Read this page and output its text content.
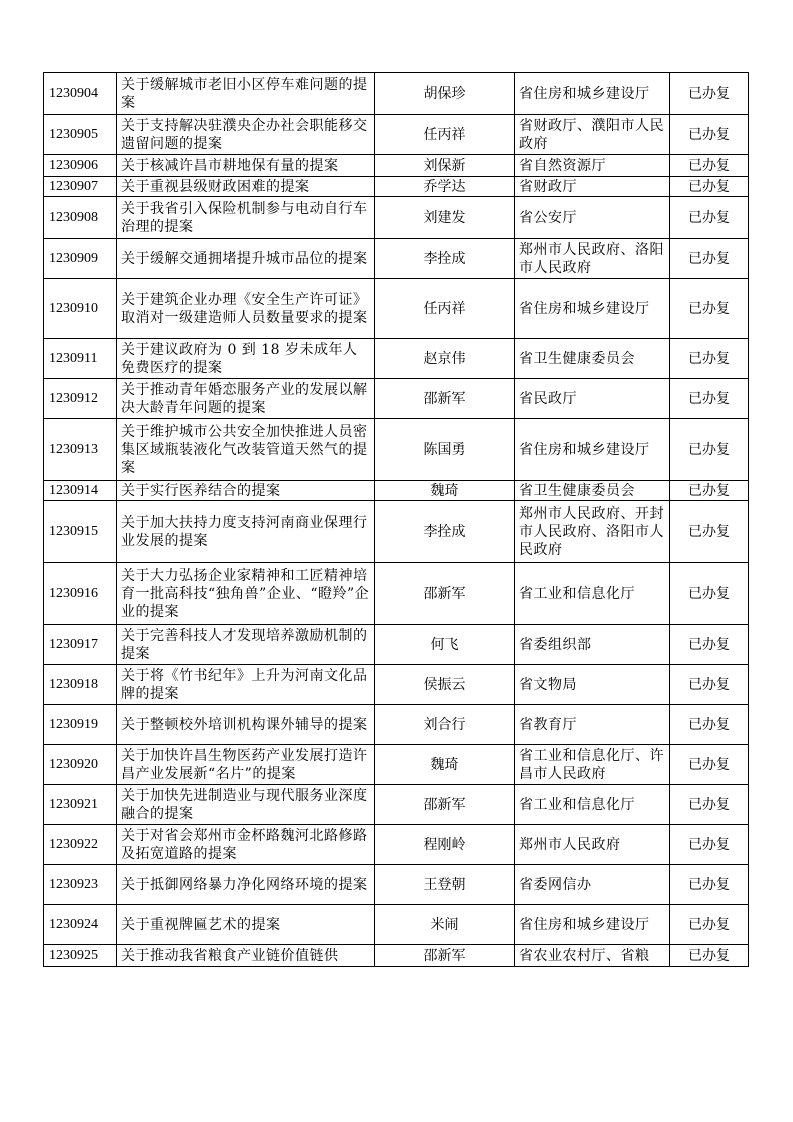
1230904	关于缓解城市老旧小区停车难问题的提案	胡保珍	省住房和城乡建设厅	已办复
1230905	关于支持解决驻濮央企办社会职能移交遗留问题的提案	任丙祥	省财政厅、濮阳市人民政府	已办复
1230906	关于核减许昌市耕地保有量的提案	刘保新	省自然资源厅	已办复
1230907	关于重视县级财政困难的提案	乔学达	省财政厅	已办复
1230908	关于我省引入保险机制参与电动自行车治理的提案	刘建发	省公安厅	已办复
1230909	关于缓解交通拥堵提升城市品位的提案	李拴成	郑州市人民政府、洛阳市人民政府	已办复
1230910	关于建筑企业办理《安全生产许可证》取消对一级建造师人员数量要求的提案	任丙祥	省住房和城乡建设厅	已办复
1230911	关于建议政府为 0 到 18 岁未成年人免费医疗的提案	赵京伟	省卫生健康委员会	已办复
1230912	关于推动青年婚恋服务产业的发展以解决大龄青年问题的提案	邵新军	省民政厅	已办复
1230913	关于维护城市公共安全加快推进人员密集区域瓶装液化气改装管道天然气的提案	陈国勇	省住房和城乡建设厅	已办复
1230914	关于实行医养结合的提案	魏琦	省卫生健康委员会	已办复
1230915	关于加大扶持力度支持河南商业保理行业发展的提案	李拴成	郑州市人民政府、开封市人民政府、洛阳市人民政府	已办复
1230916	关于大力弘扬企业家精神和工匠精神培育一批高科技“独角兽”企业、“瞪羚”企业的提案	邵新军	省工业和信息化厅	已办复
1230917	关于完善科技人才发现培养激励机制的提案	何飞	省委组织部	已办复
1230918	关于将《竹书纪年》上升为河南文化品牌的提案	侯振云	省文物局	已办复
1230919	关于整顿校外培训机构课外辅导的提案	刘合行	省教育厅	已办复
1230920	关于加快许昌生物医药产业发展打造许昌产业发展新“名片”的提案	魏琦	省工业和信息化厅、许昌市人民政府	已办复
1230921	关于加快先进制造业与现代服务业深度融合的提案	邵新军	省工业和信息化厅	已办复
1230922	关于对省会郑州市金杯路魏河北路修路及拓宽道路的提案	程刚岭	郑州市人民政府	已办复
1230923	关于抵御网络暴力净化网络环境的提案	王登朝	省委网信办	已办复
1230924	关于重视牌匾艺术的提案	米闹	省住房和城乡建设厅	已办复
1230925	关于推动我省粮食产业链价值链供	邵新军	省农业农村厅、省粮	已办复
